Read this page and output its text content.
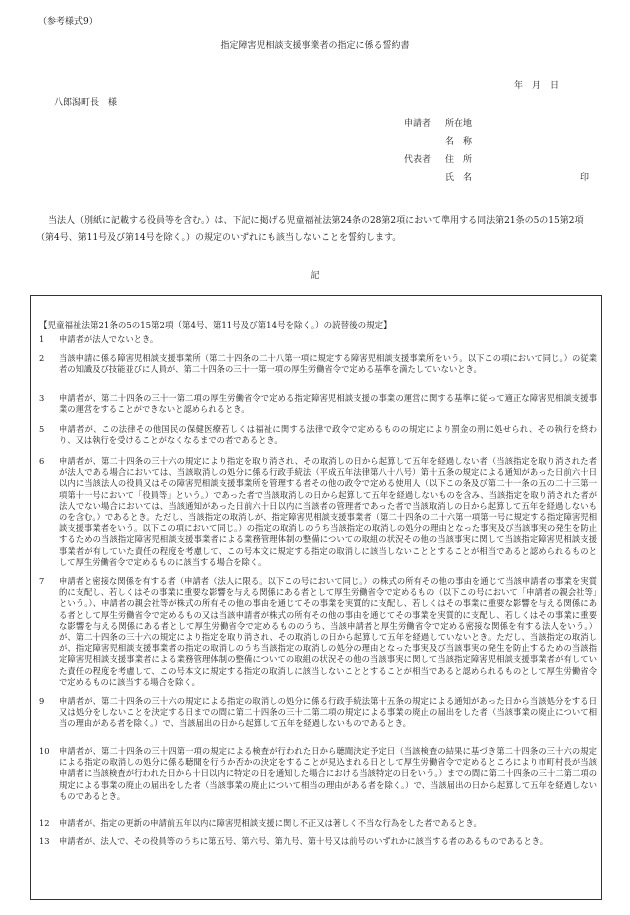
（参考様式9）
指定障害児相談支援事業者の指定に係る誓約書
年　月　日
八郎潟町長　様
申請者 所在地
名　称
代表者 住　所
氏　名	印
当法人（別紙に記載する役員等を含む。）は、下記に掲げる児童福祉法第24条の28第2項において準用する同法第21条の5の15第2項（第4号、第11号及び第14号を除く。）の規定のいずれにも該当しないことを誓約します。
記
【児童福祉法第21条の5の15第2項（第4号、第11号及び第14号を除く。）の読替後の規定】
1 申請者が法人でないとき。
2 当該申請に係る障害児相談支援事業所（第二十四条の二十八第一項に規定する障害児相談支援事業所をいう。以下この項において同じ。）の従業者の知識及び技能並びに人員が、第二十四条の三十一第一項の厚生労働省令で定める基準を満たしていないとき。
3 申請者が、第二十四条の三十一第二項の厚生労働省令で定める指定障害児相談支援の事業の運営に関する基準に従って適正な障害児相談支援事業の運営をすることができないと認められるとき。
5 申請者が、この法律その他国民の保健医療若しくは福祉に関する法律で政令で定めるものの規定により罰金の刑に処せられ、その執行を終わり、又は執行を受けることがなくなるまでの者であるとき。
6 申請者が、第二十四条の三十六の規定により指定を取り消され、その取消しの日から起算して五年を経過しない者（当該指定を取り消された者が法人である場合においては、当該取消しの処分に係る行政手続法（平成五年法律第八十八号）第十五条の規定による通知があった日前六十日以内に当該法人の役員又はその障害児相談支援事業所を管理する者その他の政令で定める使用人（以下この条及び第二十一条の五の二十三第一項第十一号において「役員等」という。）であった者で当該取消しの日から起算して五年を経過しないものを含み、当該指定を取り消された者が法人でない場合においては、当該通知があった日前六十日以内に当該者の管理者であった者で当該取消しの日から起算して五年を経過しないものを含む。）であるとき。ただし、当該指定の取消しが、指定障害児相談支援事業者（第二十四条の二十六第一項第一号に規定する指定障害児相談支援事業者をいう。以下この項において同じ。）の指定の取消しのうち当該指定の取消しの処分の理由となった事実及び当該事実の発生を防止するための当該指定障害児相談支援事業者による業務管理体制の整備についての取組の状況その他の当該事実に関して当該指定障害児相談支援事業者が有していた責任の程度を考慮して、この号本文に規定する指定の取消しに該当しないこととすることが相当であると認められるものとして厚生労働省令で定めるものに該当する場合を除く。
7 申請者と密接な関係を有する者（申請者（法人に限る。以下この号において同じ。）の株式の所有その他の事由を通じて当該申請者の事業を実質的に支配し、若しくはその事業に重要な影響を与える関係にある者として厚生労働省令で定めるもの（以下この号において「申請者の親会社等」という。）、申請者の親会社等が株式の所有その他の事由を通じてその事業を実質的に支配し、若しくはその事業に重要な影響を与える関係にある者として厚生労働省令で定めるもの又は当該申請者が株式の所有その他の事由を通じてその事業を実質的に支配し、若しくはその事業に重要な影響を与える関係にある者として厚生労働省令で定めるもののうち、当該申請者と厚生労働省令で定める密接な関係を有する法人をいう。）が、第二十四条の三十六の規定により指定を取り消され、その取消しの日から起算して五年を経過していないとき。ただし、当該指定の取消しが、指定障害児相談支援事業者の指定の取消しのうち当該指定の取消しの処分の理由となった事実及び当該事実の発生を防止するための当該指定障害児相談支援事業者による業務管理体制の整備についての取組の状況その他の当該事実に関して当該指定障害児相談支援事業者が有していた責任の程度を考慮して、この号本文に規定する指定の取消しに該当しないこととすることが相当であると認められるものとして厚生労働省令で定めるものに該当する場合を除く。
9 申請者が、第二十四条の三十六の規定による指定の取消しの処分に係る行政手続法第十五条の規定による通知があった日から当該処分をする日又は処分をしないことを決定する日までの間に第二十四条の三十二第二項の規定による事業の廃止の届出をした者（当該事業の廃止について相当の理由がある者を除く。）で、当該届出の日から起算して五年を経過しないものであるとき。
10 申請者が、第二十四条の三十四第一項の規定による検査が行われた日から聴聞決定予定日（当該検査の結果に基づき第二十四条の三十六の規定による指定の取消しの処分に係る聴聞を行うか否かの決定をすることが見込まれる日として厚生労働省令で定めるところにより市町村長が当該申請者に当該検査が行われた日から十日以内に特定の日を通知した場合における当該特定の日をいう。）までの間に第二十四条の三十二第二項の規定による事業の廃止の届出をした者（当該事業の廃止について相当の理由がある者を除く。）で、当該届出の日から起算して五年を経過しないものであるとき。
12 申請者が、指定の更新の申請前五年以内に障害児相談支援に関し不正又は著しく不当な行為をした者であるとき。
13 申請者が、法人で、その役員等のうちに第五号、第六号、第九号、第十号又は前号のいずれかに該当する者のあるものであるとき。
